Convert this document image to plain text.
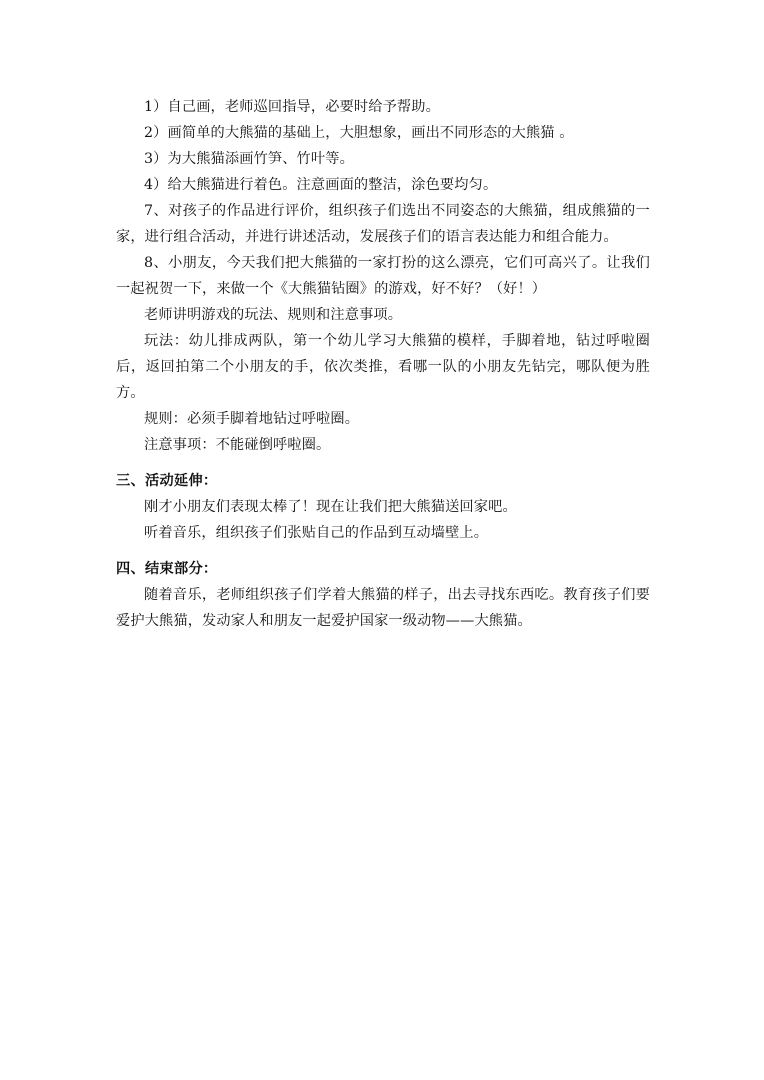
1）自己画，老师巡回指导，必要时给予帮助。

2）画简单的大熊猫的基础上，大胆想象，画出不同形态的大熊猫 。

3）为大熊猫添画竹笋、竹叶等。

4）给大熊猫进行着色。注意画面的整洁，涂色要均匀。

7、对孩子的作品进行评价，组织孩子们选出不同姿态的大熊猫，组成熊猫的一家，进行组合活动，并进行讲述活动，发展孩子们的语言表达能力和组合能力。

8、小朋友，今天我们把大熊猫的一家打扮的这么漂亮，它们可高兴了。让我们一起祝贺一下，来做一个《大熊猫钻圈》的游戏，好不好？（好！）

老师讲明游戏的玩法、规则和注意事项。

玩法：幼儿排成两队，第一个幼儿学习大熊猫的模样，手脚着地，钻过呼啦圈后，返回拍第二个小朋友的手，依次类推，看哪一队的小朋友先钻完，哪队便为胜方。

规则：必须手脚着地钻过呼啦圈。

注意事项：不能碰倒呼啦圈。

三、活动延伸：

刚才小朋友们表现太棒了！现在让我们把大熊猫送回家吧。

听着音乐，组织孩子们张贴自己的作品到互动墙壁上。

四、结束部分：

随着音乐，老师组织孩子们学着大熊猫的样子，出去寻找东西吃。教育孩子们要爱护大熊猫，发动家人和朋友一起爱护国家一级动物——大熊猫。
